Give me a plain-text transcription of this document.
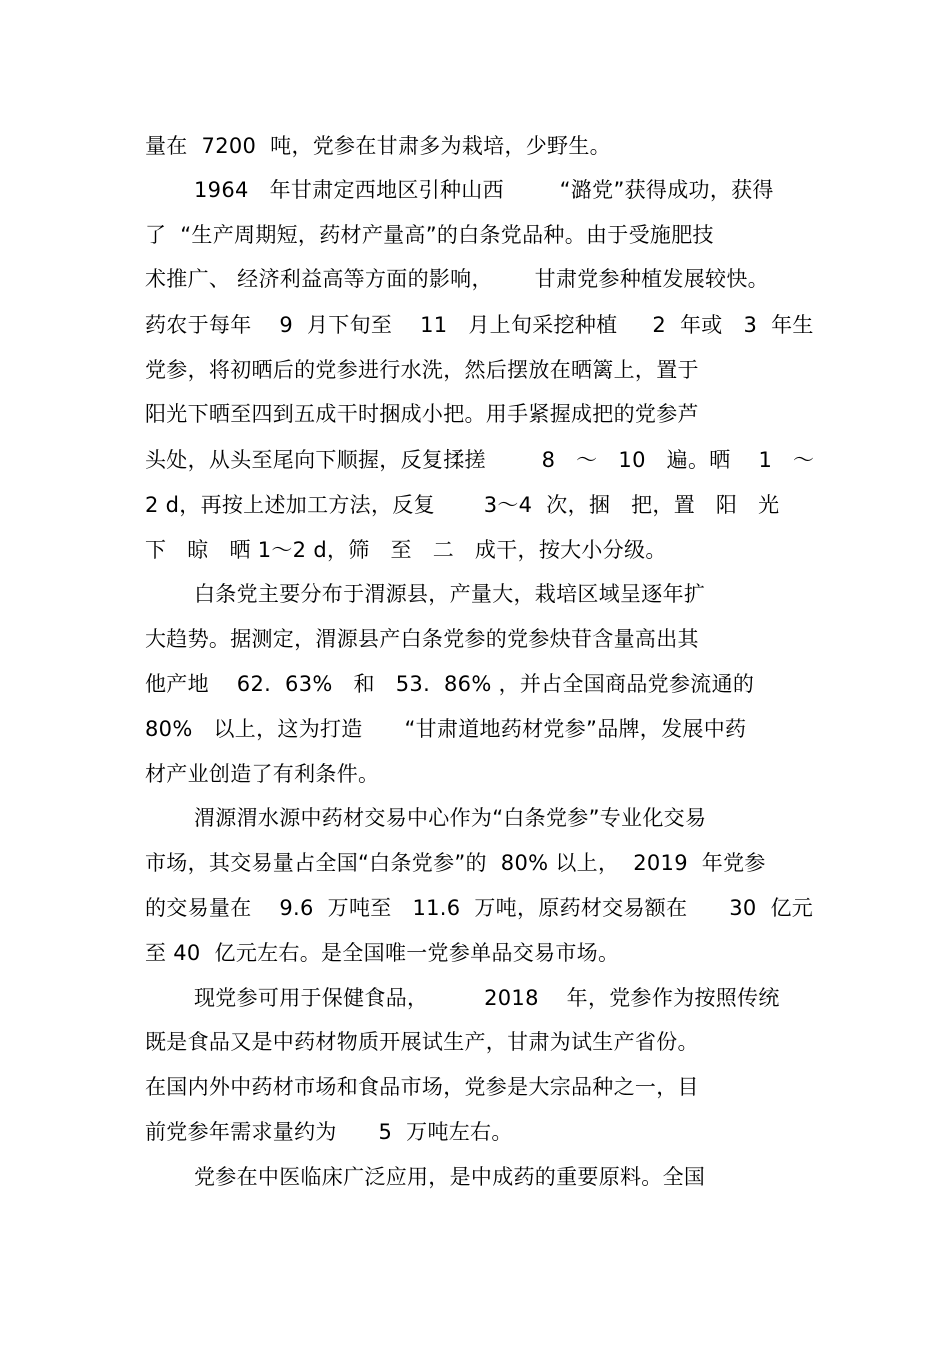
量在  7200  吨，党参在甘肃多为栽培，少野生。
1964   年甘肃定西地区引种山西        “潞党”获得成功，获得
了  “生产周期短，药材产量高”的白条党品种。由于受施肥技
术推广、 经济利益高等方面的影响，      甘肃党参种植发展较快。
药农于每年    9  月下旬至    11   月上旬采挖种植     2  年或   3  年生
党参，将初晒后的党参进行水洗，然后摆放在晒篱上，置于
阳光下晒至四到五成干时捆成小把。用手紧握成把的党参芦
头处，从头至尾向下顺握，反复揉搓        8   ～   10   遍。晒    1   ～
2 d，再按上述加工方法，反复       3～4  次，捆   把，置   阳   光
下   晾   晒 1～2 d，筛   至   二   成干，按大小分级。
白条党主要分布于渭源县，产量大，栽培区域呈逐年扩
大趋势。据测定，渭源县产白条党参的党参炔苷含量高出其
他产地    62.  63%   和   53.  86% ，并占全国商品党参流通的
80%   以上，这为打造      “甘肃道地药材党参”品牌，发展中药
材产业创造了有利条件。
渭源渭水源中药材交易中心作为“白条党参”专业化交易
市场，其交易量占全国“白条党参”的  80% 以上，  2019  年党参
的交易量在    9.6  万吨至   11.6  万吨，原药材交易额在      30  亿元
至 40  亿元左右。是全国唯一党参单品交易市场。
现党参可用于保健食品，        2018    年，党参作为按照传统
既是食品又是中药材物质开展试生产，甘肃为试生产省份。
在国内外中药材市场和食品市场，党参是大宗品种之一，目
前党参年需求量约为      5  万吨左右。
党参在中医临床广泛应用，是中成药的重要原料。全国
